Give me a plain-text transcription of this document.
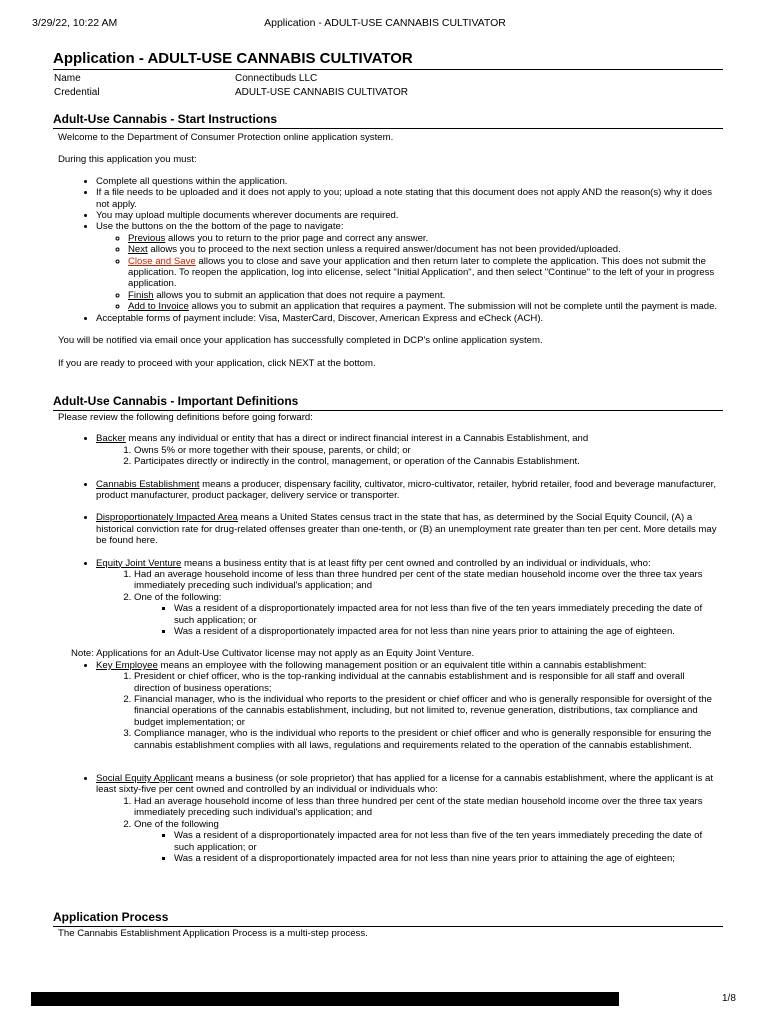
3/29/22, 10:22 AM	Application - ADULT-USE CANNABIS CULTIVATOR
Application - ADULT-USE CANNABIS CULTIVATOR
Name	Connectibuds LLC
Credential	ADULT-USE CANNABIS CULTIVATOR
Adult-Use Cannabis - Start Instructions

Welcome to the Department of Consumer Protection online application system.

During this application you must:

• Complete all questions within the application.
• If a file needs to be uploaded and it does not apply to you; upload a note stating that this document does not apply AND the reason(s) why it does not apply.
• You may upload multiple documents wherever documents are required.
• Use the buttons on the the bottom of the page to navigate:
◦ Previous allows you to return to the prior page and correct any answer.
◦ Next allows you to proceed to the next section unless a required answer/document has not been provided/uploaded.
◦ Close and Save allows you to close and save your application and then return later to complete the application. This does not submit the application. To reopen the application, log into elicense, select "Initial Application", and then select "Continue" to the left of your in progress application.
◦ Finish allows you to submit an application that does not require a payment.
◦ Add to Invoice allows you to submit an application that requires a payment. The submission will not be complete until the payment is made.
• Acceptable forms of payment include: Visa, MasterCard, Discover, American Express and eCheck (ACH).

You will be notified via email once your application has successfully completed in DCP's online application system.

If you are ready to proceed with your application, click NEXT at the bottom.

Adult-Use Cannabis - Important Definitions

Please review the following definitions before going forward:

• Backer means any individual or entity that has a direct or indirect financial interest in a Cannabis Establishment, and
1. Owns 5% or more together with their spouse, parents, or child; or
2. Participates directly or indirectly in the control, management, or operation of the Cannabis Establishment.
• Cannabis Establishment means a producer, dispensary facility, cultivator, micro-cultivator, retailer, hybrid retailer, food and beverage manufacturer, product manufacturer, product packager, delivery service or transporter.
• Disproportionately Impacted Area means a United States census tract in the state that has, as determined by the Social Equity Council, (A) a historical conviction rate for drug-related offenses greater than one-tenth, or (B) an unemployment rate greater than ten per cent. More details may be found here.
• Equity Joint Venture means a business entity that is at least fifty per cent owned and controlled by an individual or individuals, who:
1. Had an average household income of less than three hundred per cent of the state median household income over the three tax years immediately preceding such individual's application; and
2. One of the following:
▪ Was a resident of a disproportionately impacted area for not less than five of the ten years immediately preceding the date of such application; or
▪ Was a resident of a disproportionately impacted area for not less than nine years prior to attaining the age of eighteen.

Note: Applications for an Adult-Use Cultivator license may not apply as an Equity Joint Venture.

• Key Employee means an employee with the following management position or an equivalent title within a cannabis establishment:
1. President or chief officer, who is the top-ranking individual at the cannabis establishment and is responsible for all staff and overall direction of business operations;
2. Financial manager, who is the individual who reports to the president or chief officer and who is generally responsible for oversight of the financial operations of the cannabis establishment, including, but not limited to, revenue generation, distributions, tax compliance and budget implementation; or
3. Compliance manager, who is the individual who reports to the president or chief officer and who is generally responsible for ensuring the cannabis establishment complies with all laws, regulations and requirements related to the operation of the cannabis establishment.
• Social Equity Applicant means a business (or sole proprietor) that has applied for a license for a cannabis establishment, where the applicant is at least sixty-five per cent owned and controlled by an individual or individuals who:
1. Had an average household income of less than three hundred per cent of the state median household income over the three tax years immediately preceding such individual's application; and
2. One of the following
▪ Was a resident of a disproportionately impacted area for not less than five of the ten years immediately preceding the date of such application; or
▪ Was a resident of a disproportionately impacted area for not less than nine years prior to attaining the age of eighteen;
Application Process

The Cannabis Establishment Application Process is a multi-step process.

1/8
